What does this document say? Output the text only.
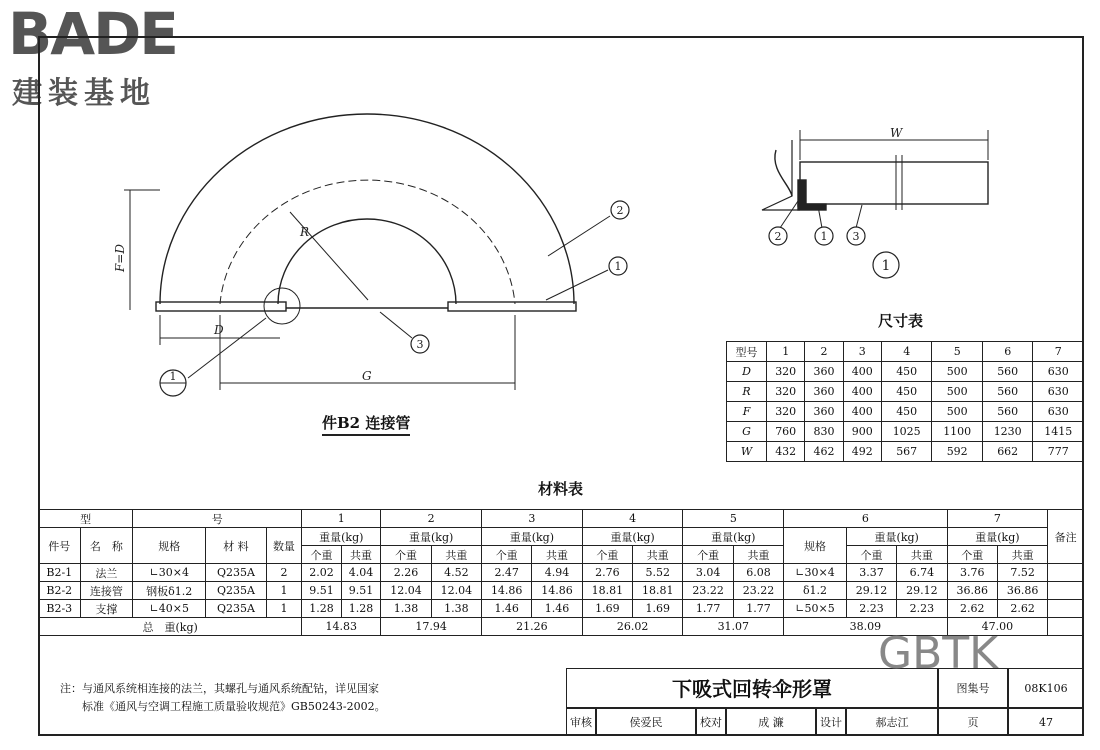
BADE
建装基地
2
1
3
1
2	1 3
1
F=D
R
D
G
W
件B2 连接管
尺寸表
型号	1	2	3	4	5	6	7
D	320	360	400	450	500	560	630
R	320	360	400	450	500	560	630
F	320	360	400	450	500	560	630
G	760	830	900	1025	1100	1230	1415
W	432	462	492	567	592	662	777
材料表
型		号			1		2		3		4		5		6			7		备注
件号	名　称	规格	材 料	数量	重量(kg)		重量(kg)		重量(kg)		重量(kg)		重量(kg)		规格	重量(kg)		重量(kg)		
					个重	共重	个重	共重	个重	共重	个重	共重	个重	共重		个重	共重	个重	共重	
B2-1	法兰	∟30×4	Q235A	2	2.02	4.04	2.26	4.52	2.47	4.94	2.76	5.52	3.04	6.08	∟30×4	3.37	6.74	3.76	7.52	
B2-2	连接管	钢板δ1.2	Q235A	1	9.51	9.51	12.04	12.04	14.86	14.86	18.81	18.81	23.22	23.22	δ1.2	29.12	29.12	36.86	36.86	
B2-3	支撑	∟40×5	Q235A	1	1.28	1.28	1.38	1.38	1.46	1.46	1.69	1.69	1.77	1.77	∟50×5	2.23	2.23	2.62	2.62	
总　重(kg)					14.83		17.94		21.26		26.02		31.07		38.09			47.00		
注：与通风系统相连接的法兰，其螺孔与通风系统配钻，详见国家
标准《通风与空调工程施工质量验收规范》GB50243-2002。
下吸式回转伞形罩	图集号	08K106
审核	侯爱民	校对	成 濂	设计	郝志江	页	47
GBTK
